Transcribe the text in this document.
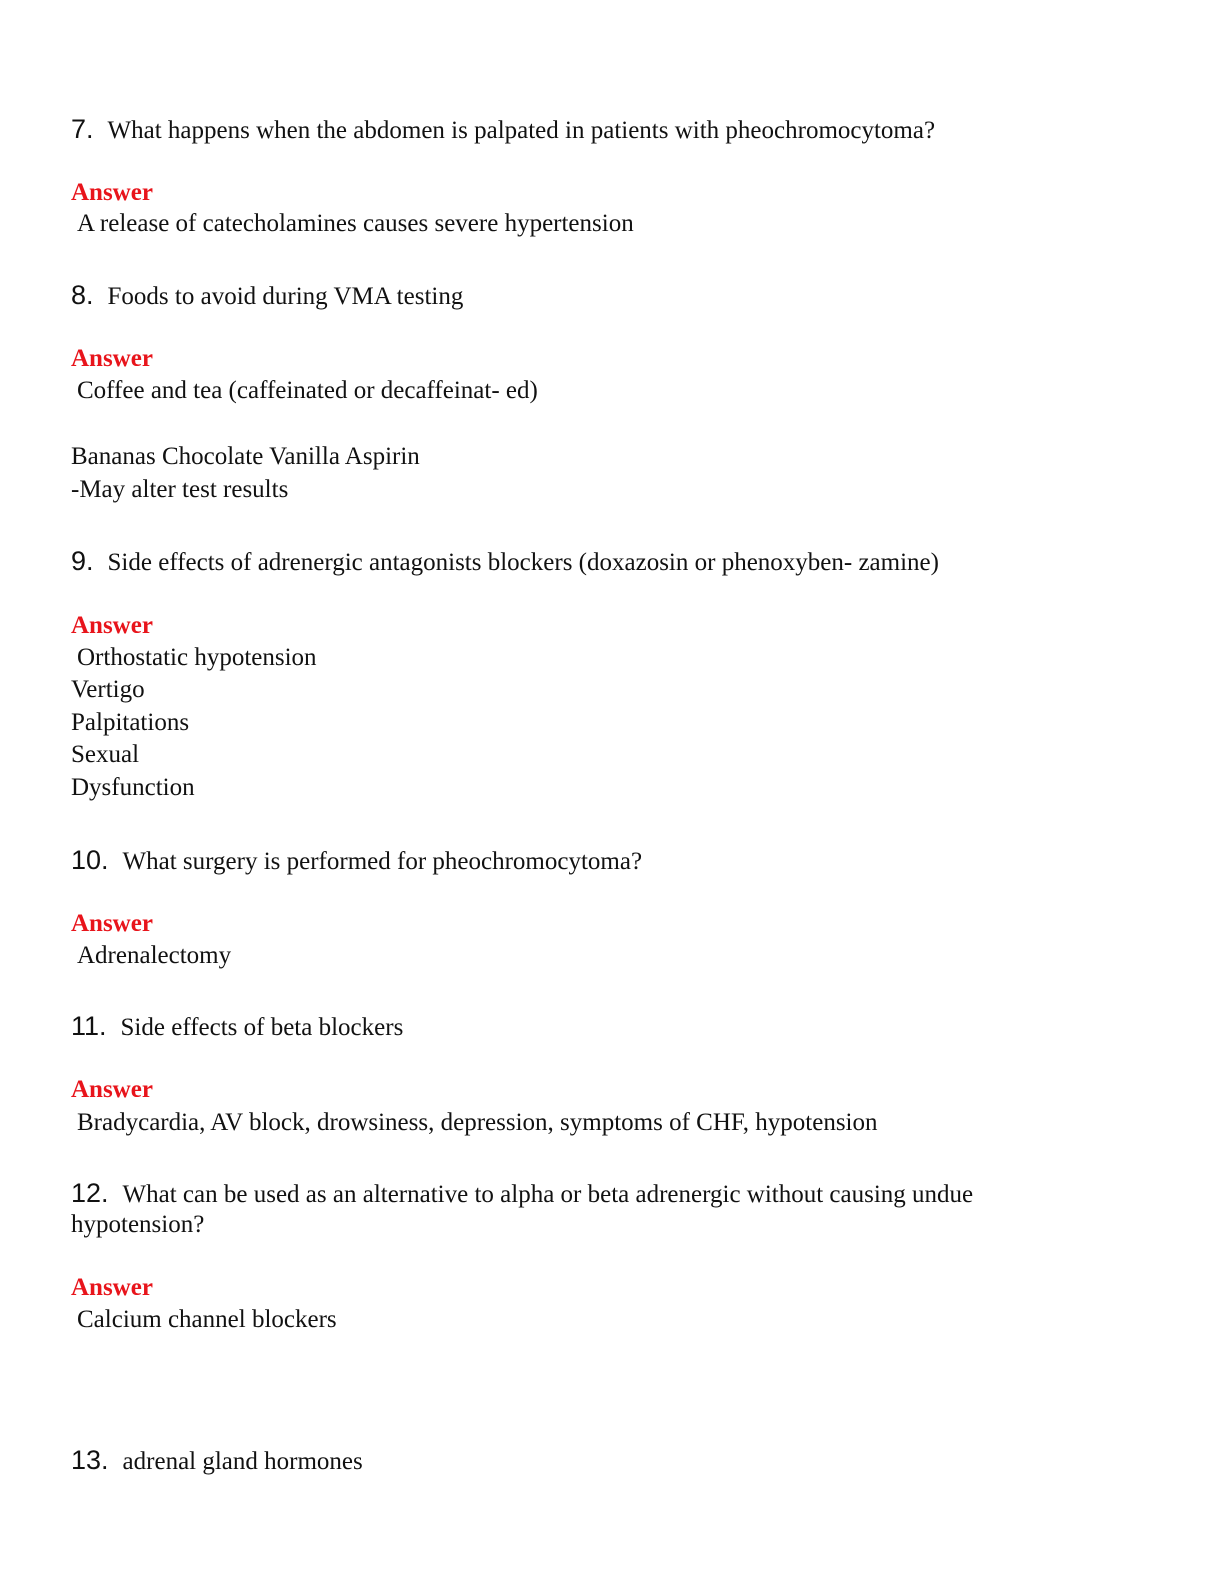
7. What happens when the abdomen is palpated in patients with pheochromocytoma?
Answer
A release of catecholamines causes severe hypertension
8. Foods to avoid during VMA testing
Answer
Coffee and tea (caffeinated or decaffeinat- ed)
Bananas Chocolate Vanilla Aspirin
-May alter test results
9. Side effects of adrenergic antagonists blockers (doxazosin or phenoxyben- zamine)
Answer
Orthostatic hypotension
Vertigo
Palpitations
Sexual
Dysfunction
10. What surgery is performed for pheochromocytoma?
Answer
Adrenalectomy
11. Side effects of beta blockers
Answer
Bradycardia, AV block, drowsiness, depression, symptoms of CHF, hypotension
12. What can be used as an alternative to alpha or beta adrenergic without causing undue hypotension?
Answer
Calcium channel blockers
13. adrenal gland hormones
